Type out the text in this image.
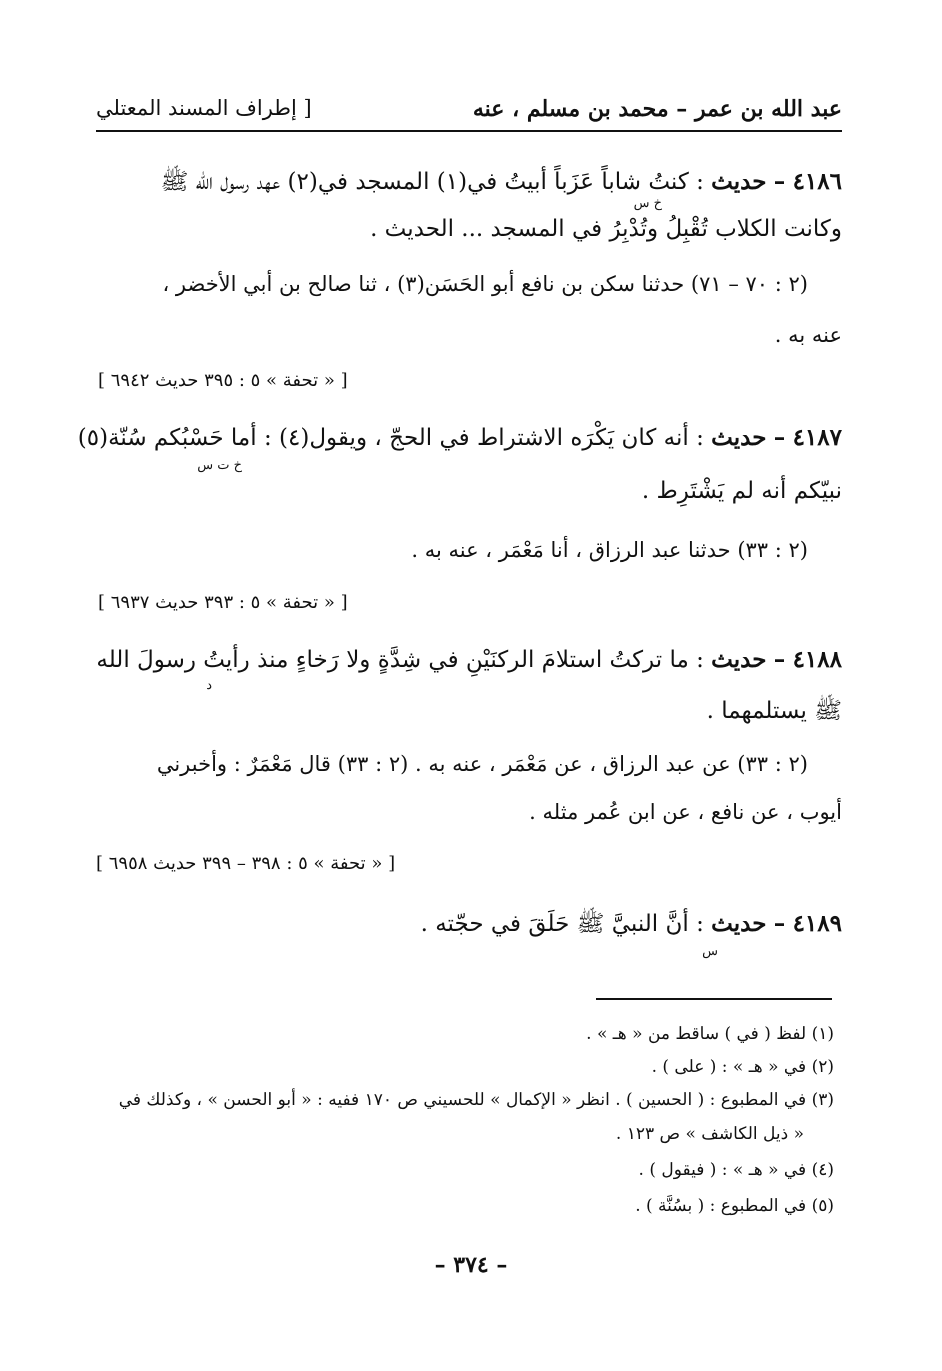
عبد الله بن عمر – محمد بن مسلم ، عنه
[ إطراف المسند المعتلي
٤١٨٦ – حديث : كنتُ شاباً عَزَباً أبيتُ في(١) المسجد في(٢) عهد رسول الله ﷺ
خ س
وكانت الكلاب تُقْبِلُ وتُدْبِرُ في المسجد ... الحديث .
(٢ : ٧٠ – ٧١) حدثنا سكن بن نافع أبو الحَسَن(٣) ، ثنا صالح بن أبي الأخضر ،
عنه به .
[ « تحفة » ٥ : ٣٩٥ حديث ٦٩٤٢ ]
٤١٨٧ – حديث : أنه كان يَكْرَه الاشتراط في الحجّ ، ويقول(٤) : أما حَسْبُكم سُنّة(٥)
خ ت س
نبيّكم أنه لم يَشْتَرِط .
(٢ : ٣٣) حدثنا عبد الرزاق ، أنا مَعْمَر ، عنه به .
[ « تحفة » ٥ : ٣٩٣ حديث ٦٩٣٧ ]
٤١٨٨ – حديث : ما تركتُ استلامَ الركنَيْنِ في شِدَّةٍ ولا رَخاءٍ منذ رأيتُ رسولَ الله
د
ﷺ يستلمهما .
(٢ : ٣٣) عن عبد الرزاق ، عن مَعْمَر ، عنه به . (٢ : ٣٣) قال مَعْمَرٌ : وأخبرني
أيوب ، عن نافع ، عن ابن عُمر مثله .
[ « تحفة » ٥ : ٣٩٨ – ٣٩٩ حديث ٦٩٥٨ ]
٤١٨٩ – حديث : أنَّ النبيَّ ﷺ حَلَقَ في حجّته .
س
(١) لفظ ( في ) ساقط من « هـ » .
(٢) في « هـ » : ( على ) .
(٣) في المطبوع : ( الحسين ) . انظر « الإكمال » للحسيني ص ١٧٠ ففيه : « أبو الحسن » ، وكذلك في
« ذيل الكاشف » ص ١٢٣ .
(٤) في « هـ » : ( فيقول ) .
(٥) في المطبوع : ( بسُنَّة ) .
– ٣٧٤ –
